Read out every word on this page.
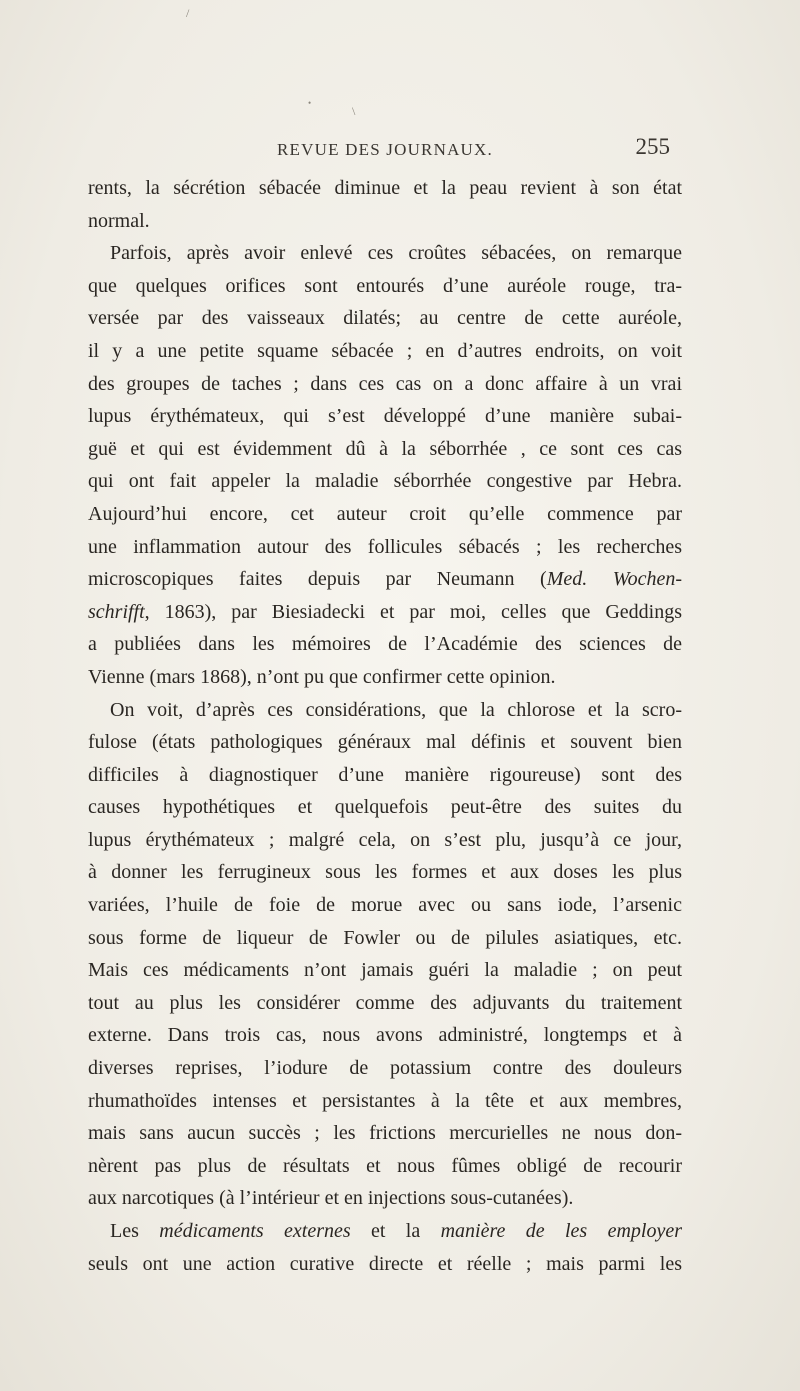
/
\
•
REVUE DES JOURNAUX.	255
rents, la sécrétion sébacée diminue et la peau revient à son état
normal.
Parfois, après avoir enlevé ces croûtes sébacées, on remarque
que quelques orifices sont entourés d’une auréole rouge, tra-
versée par des vaisseaux dilatés; au centre de cette auréole,
il y a une petite squame sébacée ; en d’autres endroits, on voit
des groupes de taches ; dans ces cas on a donc affaire à un vrai
lupus érythémateux, qui s’est développé d’une manière subai-
guë et qui est évidemment dû à la séborrhée , ce sont ces cas
qui ont fait appeler la maladie séborrhée congestive par Hebra.
Aujourd’hui encore, cet auteur croit qu’elle commence par
une inflammation autour des follicules sébacés ; les recherches
microscopiques faites depuis par Neumann (Med. Wochen-
schrifft, 1863), par Biesiadecki et par moi, celles que Geddings
a publiées dans les mémoires de l’Académie des sciences de
Vienne (mars 1868), n’ont pu que confirmer cette opinion.
On voit, d’après ces considérations, que la chlorose et la scro-
fulose (états pathologiques généraux mal définis et souvent bien
difficiles à diagnostiquer d’une manière rigoureuse) sont des
causes hypothétiques et quelquefois peut-être des suites du
lupus érythémateux ; malgré cela, on s’est plu, jusqu’à ce jour,
à donner les ferrugineux sous les formes et aux doses les plus
variées, l’huile de foie de morue avec ou sans iode, l’arsenic
sous forme de liqueur de Fowler ou de pilules asiatiques, etc.
Mais ces médicaments n’ont jamais guéri la maladie ; on peut
tout au plus les considérer comme des adjuvants du traitement
externe. Dans trois cas, nous avons administré, longtemps et à
diverses reprises, l’iodure de potassium contre des douleurs
rhumathoïdes intenses et persistantes à la tête et aux membres,
mais sans aucun succès ; les frictions mercurielles ne nous don-
nèrent pas plus de résultats et nous fûmes obligé de recourir
aux narcotiques (à l’intérieur et en injections sous-cutanées).
Les médicaments externes et la manière de les employer
seuls ont une action curative directe et réelle ; mais parmi les
